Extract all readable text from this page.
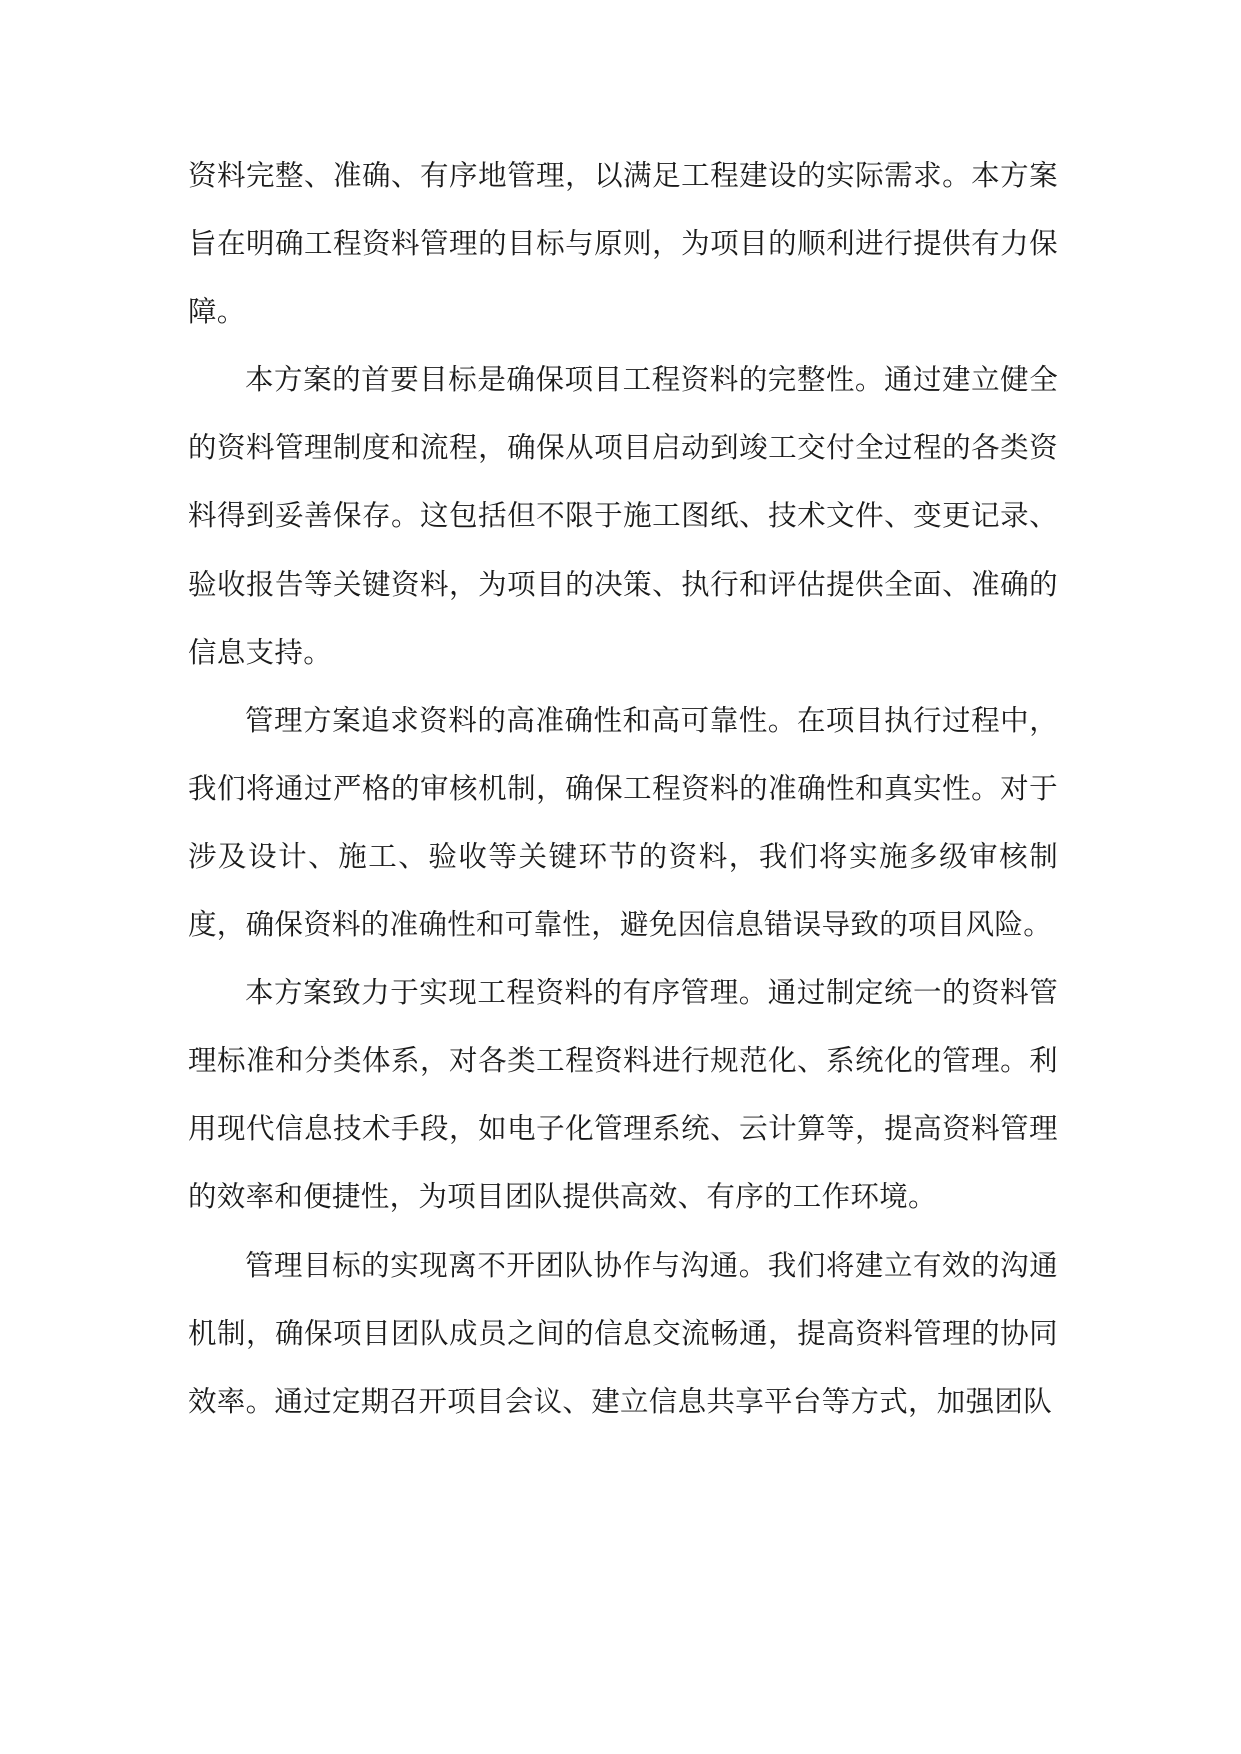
资料完整、准确、有序地管理，以满足工程建设的实际需求。本方案旨在明确工程资料管理的目标与原则，为项目的顺利进行提供有力保障。

本方案的首要目标是确保项目工程资料的完整性。通过建立健全的资料管理制度和流程，确保从项目启动到竣工交付全过程的各类资料得到妥善保存。这包括但不限于施工图纸、技术文件、变更记录、验收报告等关键资料，为项目的决策、执行和评估提供全面、准确的信息支持。

管理方案追求资料的高准确性和高可靠性。在项目执行过程中，我们将通过严格的审核机制，确保工程资料的准确性和真实性。对于涉及设计、施工、验收等关键环节的资料，我们将实施多级审核制度，确保资料的准确性和可靠性，避免因信息错误导致的项目风险。

本方案致力于实现工程资料的有序管理。通过制定统一的资料管理标准和分类体系，对各类工程资料进行规范化、系统化的管理。利用现代信息技术手段，如电子化管理系统、云计算等，提高资料管理的效率和便捷性，为项目团队提供高效、有序的工作环境。

管理目标的实现离不开团队协作与沟通。我们将建立有效的沟通机制，确保项目团队成员之间的信息交流畅通，提高资料管理的协同效率。通过定期召开项目会议、建立信息共享平台等方式，加强团队
